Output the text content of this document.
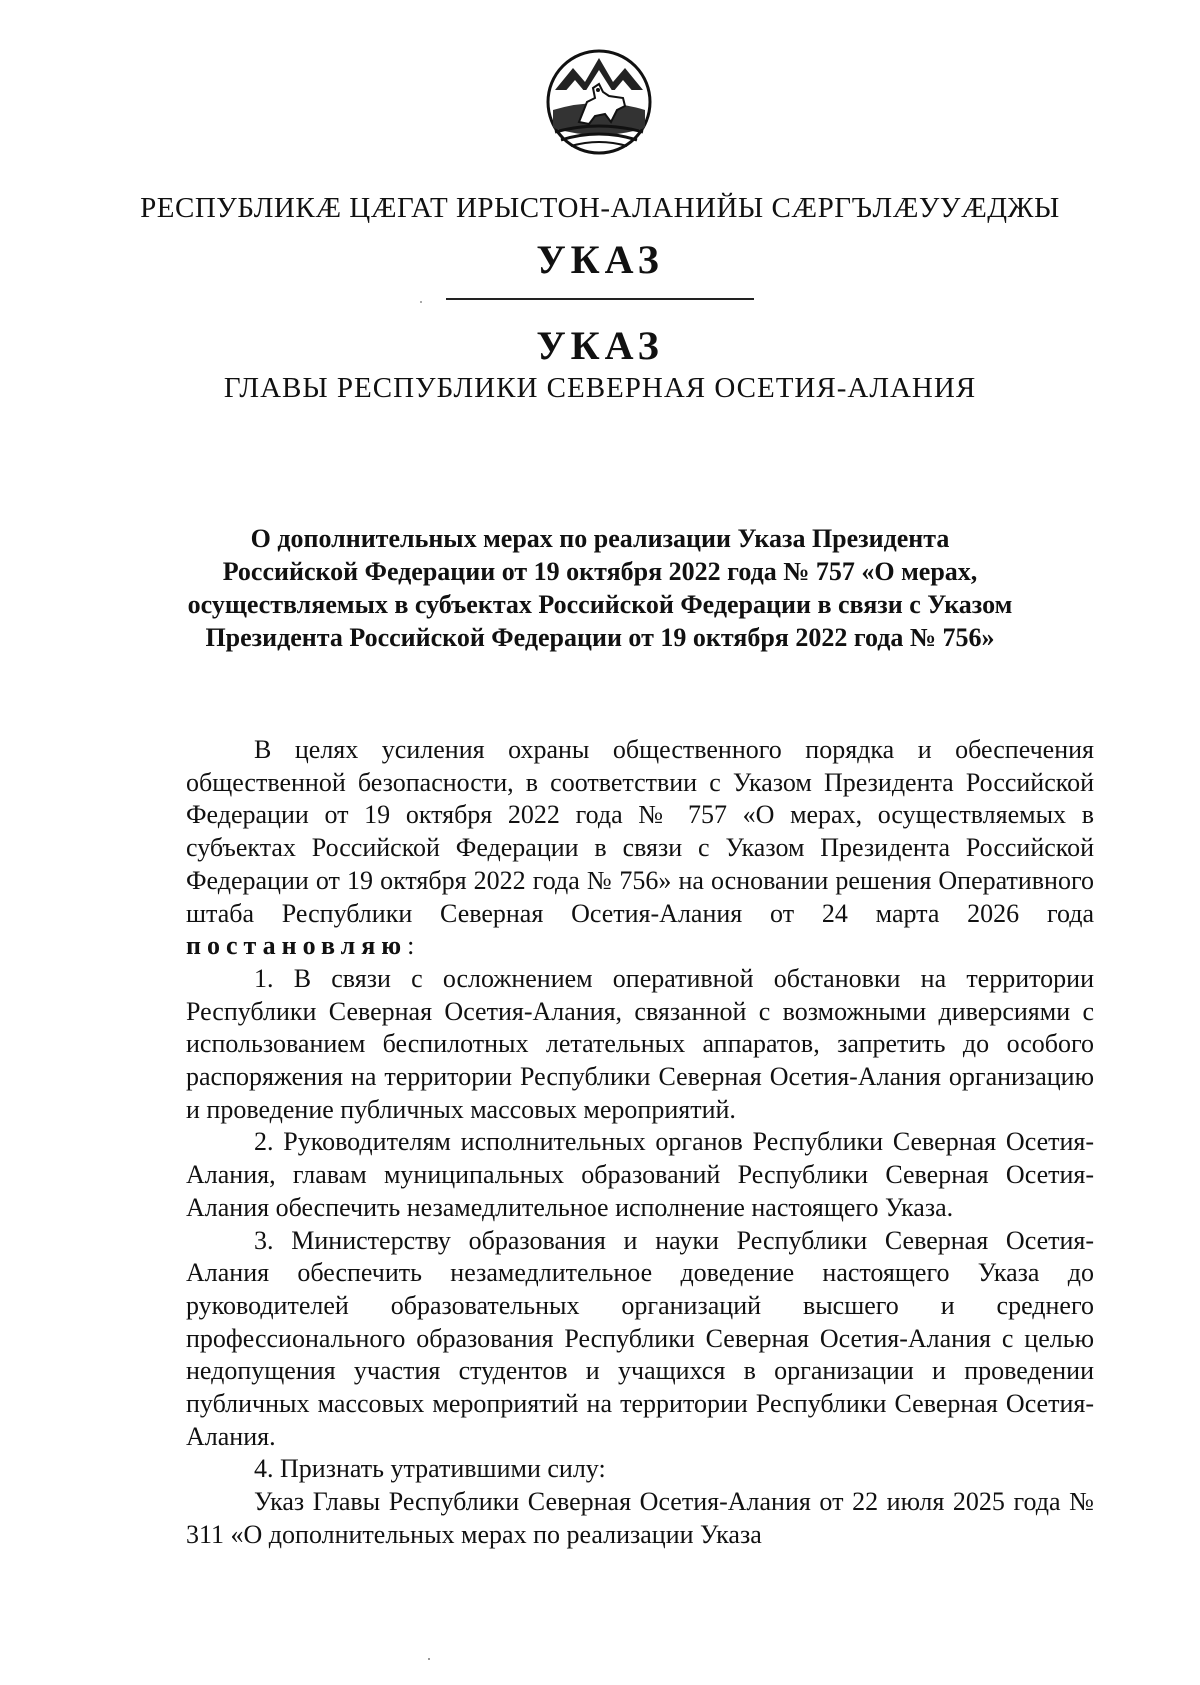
РЕСПУБЛИКӔ ЦӔГАТ ИРЫСТОН-АЛАНИЙЫ СӔРГЪЛӔУУӔДЖЫ
УКАЗ
УКАЗ
ГЛАВЫ РЕСПУБЛИКИ СЕВЕРНАЯ ОСЕТИЯ-АЛАНИЯ
О дополнительных мерах по реализации Указа Президента
Российской Федерации от 19 октября 2022 года № 757 «О мерах,
осуществляемых в субъектах Российской Федерации в связи с Указом
Президента Российской Федерации от 19 октября 2022 года № 756»

В целях усиления охраны общественного порядка и обеспечения общественной безопасности, в соответствии с Указом Президента Российской Федерации от 19 октября 2022 года № 757 «О мерах, осуществляемых в субъектах Российской Федерации в связи с Указом Президента Российской Федерации от 19 октября 2022 года № 756» на основании решения Оперативного штаба Республики Северная Осетия-Алания от 24 марта 2026 года постановляю:

1. В связи с осложнением оперативной обстановки на территории Республики Северная Осетия-Алания, связанной с возможными диверсиями с использованием беспилотных летательных аппаратов, запретить до особого распоряжения на территории Республики Северная Осетия-Алания организацию и проведение публичных массовых мероприятий.

2. Руководителям исполнительных органов Республики Северная Осетия-Алания, главам муниципальных образований Республики Северная Осетия-Алания обеспечить незамедлительное исполнение настоящего Указа.

3. Министерству образования и науки Республики Северная Осетия-Алания обеспечить незамедлительное доведение настоящего Указа до руководителей образовательных организаций высшего и среднего профессионального образования Республики Северная Осетия-Алания с целью недопущения участия студентов и учащихся в организации и проведении публичных массовых мероприятий на территории Республики Северная Осетия-Алания.

4. Признать утратившими силу:

Указ Главы Республики Северная Осетия-Алания от 22 июля 2025 года № 311 «О дополнительных мерах по реализации Указа
